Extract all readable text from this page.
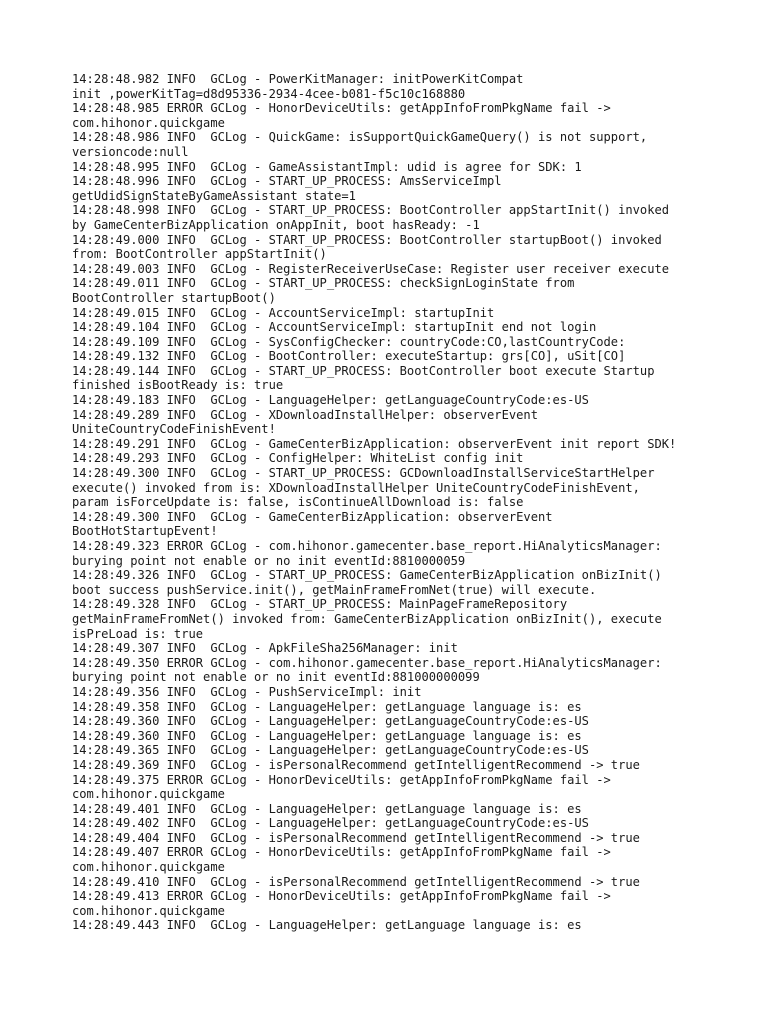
14:28:48.982 INFO  GCLog - PowerKitManager: initPowerKitCompat
init ,powerKitTag=d8d95336-2934-4cee-b081-f5c10c168880
14:28:48.985 ERROR GCLog - HonorDeviceUtils: getAppInfoFromPkgName fail ->
com.hihonor.quickgame
14:28:48.986 INFO  GCLog - QuickGame: isSupportQuickGameQuery() is not support,
versioncode:null
14:28:48.995 INFO  GCLog - GameAssistantImpl: udid is agree for SDK: 1
14:28:48.996 INFO  GCLog - START_UP_PROCESS: AmsServiceImpl
getUdidSignStateByGameAssistant state=1
14:28:48.998 INFO  GCLog - START_UP_PROCESS: BootController appStartInit() invoked
by GameCenterBizApplication onAppInit, boot hasReady: -1
14:28:49.000 INFO  GCLog - START_UP_PROCESS: BootController startupBoot() invoked
from: BootController appStartInit()
14:28:49.003 INFO  GCLog - RegisterReceiverUseCase: Register user receiver execute
14:28:49.011 INFO  GCLog - START_UP_PROCESS: checkSignLoginState from
BootController startupBoot()
14:28:49.015 INFO  GCLog - AccountServiceImpl: startupInit
14:28:49.104 INFO  GCLog - AccountServiceImpl: startupInit end not login
14:28:49.109 INFO  GCLog - SysConfigChecker: countryCode:CO,lastCountryCode:
14:28:49.132 INFO  GCLog - BootController: executeStartup: grs[CO], uSit[CO]
14:28:49.144 INFO  GCLog - START_UP_PROCESS: BootController boot execute Startup
finished isBootReady is: true
14:28:49.183 INFO  GCLog - LanguageHelper: getLanguageCountryCode:es-US
14:28:49.289 INFO  GCLog - XDownloadInstallHelper: observerEvent
UniteCountryCodeFinishEvent!
14:28:49.291 INFO  GCLog - GameCenterBizApplication: observerEvent init report SDK!
14:28:49.293 INFO  GCLog - ConfigHelper: WhiteList config init
14:28:49.300 INFO  GCLog - START_UP_PROCESS: GCDownloadInstallServiceStartHelper
execute() invoked from is: XDownloadInstallHelper UniteCountryCodeFinishEvent,
param isForceUpdate is: false, isContinueAllDownload is: false
14:28:49.300 INFO  GCLog - GameCenterBizApplication: observerEvent
BootHotStartupEvent!
14:28:49.323 ERROR GCLog - com.hihonor.gamecenter.base_report.HiAnalyticsManager:
burying point not enable or no init eventId:8810000059
14:28:49.326 INFO  GCLog - START_UP_PROCESS: GameCenterBizApplication onBizInit()
boot success pushService.init(), getMainFrameFromNet(true) will execute.
14:28:49.328 INFO  GCLog - START_UP_PROCESS: MainPageFrameRepository
getMainFrameFromNet() invoked from: GameCenterBizApplication onBizInit(), execute
isPreLoad is: true
14:28:49.307 INFO  GCLog - ApkFileSha256Manager: init
14:28:49.350 ERROR GCLog - com.hihonor.gamecenter.base_report.HiAnalyticsManager:
burying point not enable or no init eventId:881000000099
14:28:49.356 INFO  GCLog - PushServiceImpl: init
14:28:49.358 INFO  GCLog - LanguageHelper: getLanguage language is: es
14:28:49.360 INFO  GCLog - LanguageHelper: getLanguageCountryCode:es-US
14:28:49.360 INFO  GCLog - LanguageHelper: getLanguage language is: es
14:28:49.365 INFO  GCLog - LanguageHelper: getLanguageCountryCode:es-US
14:28:49.369 INFO  GCLog - isPersonalRecommend getIntelligentRecommend -> true
14:28:49.375 ERROR GCLog - HonorDeviceUtils: getAppInfoFromPkgName fail ->
com.hihonor.quickgame
14:28:49.401 INFO  GCLog - LanguageHelper: getLanguage language is: es
14:28:49.402 INFO  GCLog - LanguageHelper: getLanguageCountryCode:es-US
14:28:49.404 INFO  GCLog - isPersonalRecommend getIntelligentRecommend -> true
14:28:49.407 ERROR GCLog - HonorDeviceUtils: getAppInfoFromPkgName fail ->
com.hihonor.quickgame
14:28:49.410 INFO  GCLog - isPersonalRecommend getIntelligentRecommend -> true
14:28:49.413 ERROR GCLog - HonorDeviceUtils: getAppInfoFromPkgName fail ->
com.hihonor.quickgame
14:28:49.443 INFO  GCLog - LanguageHelper: getLanguage language is: es
